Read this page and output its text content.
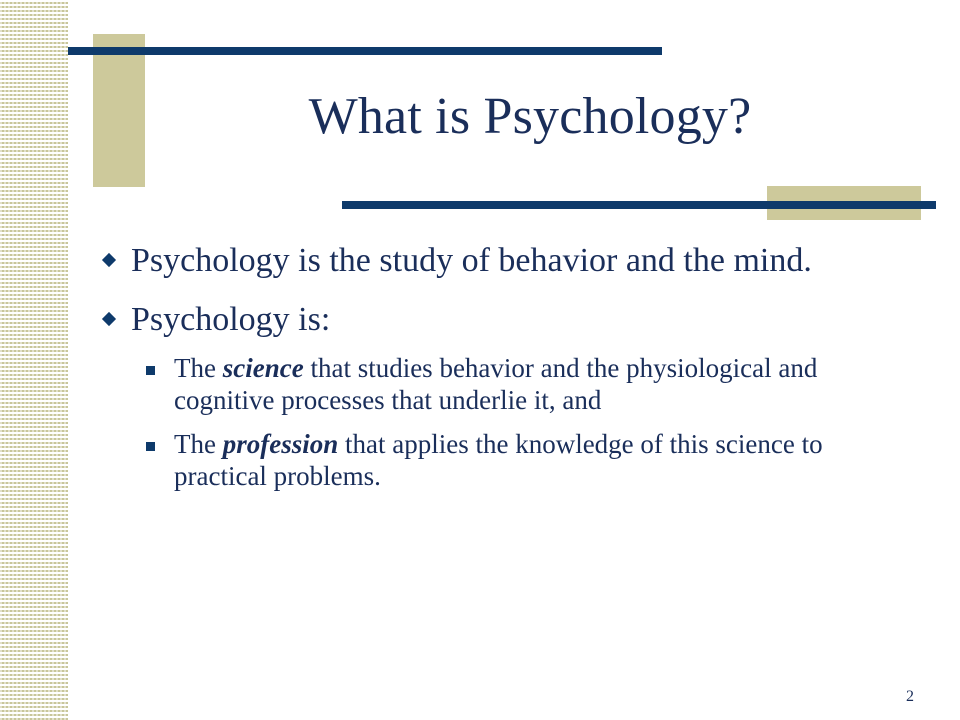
What is Psychology?
Psychology is the study of behavior and the mind.
Psychology is:
The science that studies behavior and the physiological and cognitive processes that underlie it, and
The profession that applies the knowledge of this science to practical problems.
2
